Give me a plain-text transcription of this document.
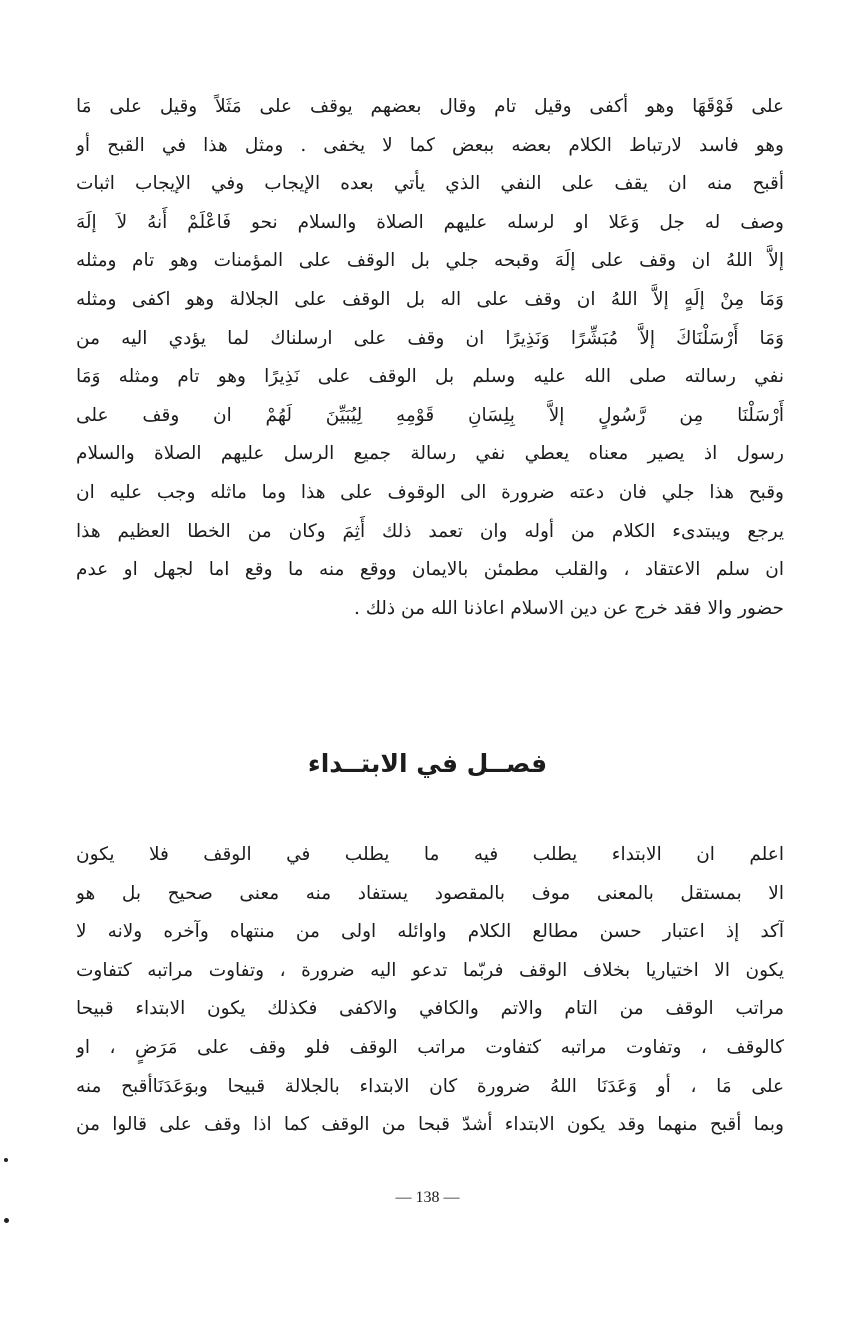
على فَوْقَهَا وهو أكفى وقيل تام وقال بعضهم يوقف على مَثَلاً وقيل على مَا
وهو فاسد لارتباط الكلام بعضه ببعض كما لا يخفى . ومثل هذا في القبح أو
أقبح منه ان يقف على النفي الذي يأتي بعده الإيجاب وفي الإيجاب اثبات
وصف له جل وَعَلا او لرسله عليهم الصلاة والسلام نحو فَاعْلَمْ أَنهُ لاَ إلَهَ
إلاَّ اللهُ ان وقف على إلَهَ وقبحه جلي بل الوقف على المؤمنات وهو تام ومثله
وَمَا مِنْ إلَهٍ إلاَّ اللهُ ان وقف على اله بل الوقف على الجلالة وهو اكفى ومثله
وَمَا أَرْسَلْنَاكَ إلاَّ مُبَشِّرًا وَنَذِيرًا ان وقف على ارسلناك لما يؤدي اليه من
نفي رسالته صلى الله عليه وسلم بل الوقف على نَذِيرًا وهو تام ومثله وَمَا
أَرْسَلْنَا مِن رَّسُولٍ إلاَّ بِلِسَانِ قَوْمِهِ لِيُبَيِّنَ لَهُمْ ان وقف على
رسول اذ يصير معناه يعطي نفي رسالة جميع الرسل عليهم الصلاة والسلام
وقبح هذا جلي فان دعته ضرورة الى الوقوف على هذا وما ماثله وجب عليه ان
يرجع ويبتدىء الكلام من أوله وان تعمد ذلك أَثِمَ وكان من الخطا العظيم هذا
ان سلم الاعتقاد ، والقلب مطمئن بالايمان ووقع منه ما وقع اما لجهل او عدم
حضور والا فقد خرج عن دين الاسلام اعاذنا الله من ذلك .
فصــل في الابتــداء
اعلم ان الابتداء يطلب فيه ما يطلب في الوقف فلا يكون
الا بمستقل بالمعنى موف بالمقصود يستفاد منه معنى صحيح بل هو
آكد إذ اعتبار حسن مطالع الكلام واوائله اولى من منتهاه وآخره ولانه لا
يكون الا اختياريا بخلاف الوقف فربّما تدعو اليه ضرورة ، وتفاوت مراتبه كتفاوت
مراتب الوقف من التام والاتم والكافي والاكفى فكذلك يكون الابتداء قبيحا
كالوقف ، وتفاوت مراتبه كتفاوت مراتب الوقف فلو وقف على مَرَضٍ ، او
على مَا ، أو وَعَدَنَا اللهُ ضرورة كان الابتداء بالجلالة قبيحا وبوَعَدَنَاأقبح منه
وبما أقبح منهما وقد يكون الابتداء أشدّ قبحا من الوقف كما اذا وقف على قالوا من
— 138 —
